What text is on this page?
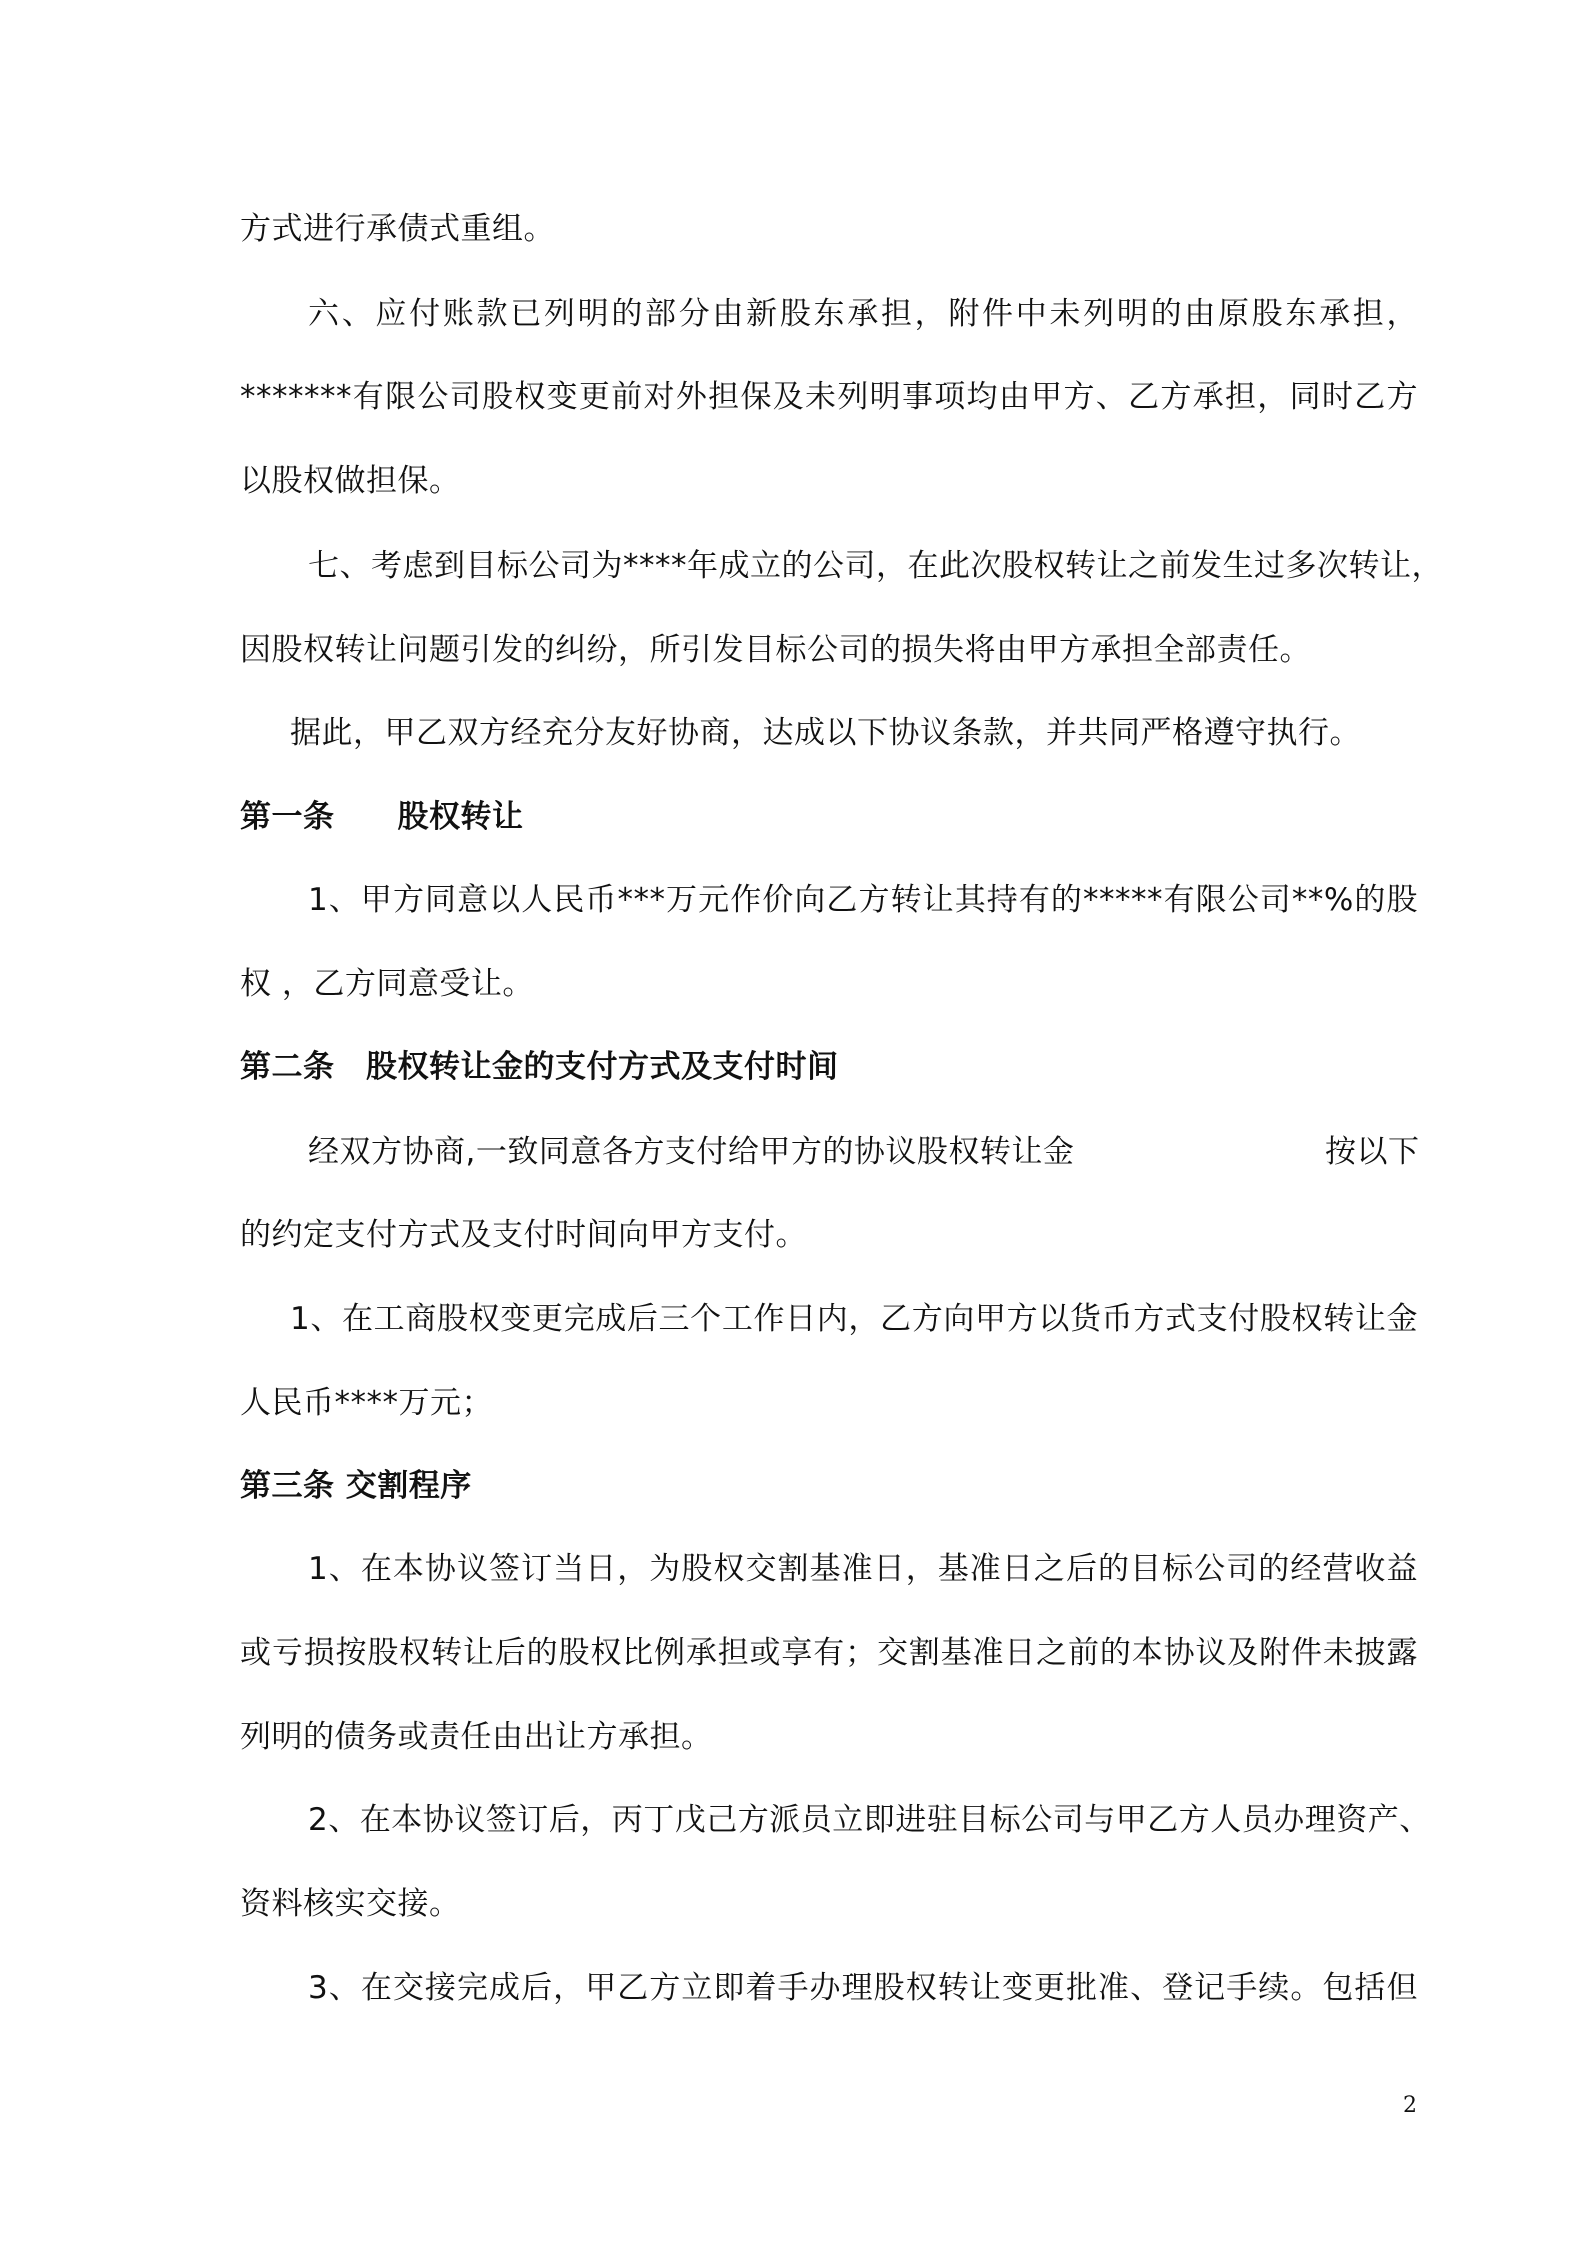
方式进行承债式重组。
六、应付账款已列明的部分由新股东承担，附件中未列明的由原股东承担，
*******有限公司股权变更前对外担保及未列明事项均由甲方、乙方承担，同时乙方
以股权做担保。
七、考虑到目标公司为****年成立的公司，在此次股权转让之前发生过多次转让，
因股权转让问题引发的纠纷，所引发目标公司的损失将由甲方承担全部责任。
据此，甲乙双方经充分友好协商，达成以下协议条款，并共同严格遵守执行。
第一条　　股权转让
1、甲方同意以人民币***万元作价向乙方转让其持有的*****有限公司**%的股
权 ，乙方同意受让。
第二条　股权转让金的支付方式及支付时间
经双方协商,一致同意各方支付给甲方的协议股权转让金	按以下
的约定支付方式及支付时间向甲方支付。
1、在工商股权变更完成后三个工作日内，乙方向甲方以货币方式支付股权转让金
人民币****万元；
第三条 交割程序
1、在本协议签订当日，为股权交割基准日，基准日之后的目标公司的经营收益
或亏损按股权转让后的股权比例承担或享有；交割基准日之前的本协议及附件未披露
列明的债务或责任由出让方承担。
2、在本协议签订后，丙丁戊己方派员立即进驻目标公司与甲乙方人员办理资产、
资料核实交接。
3、在交接完成后，甲乙方立即着手办理股权转让变更批准、登记手续。包括但
2
